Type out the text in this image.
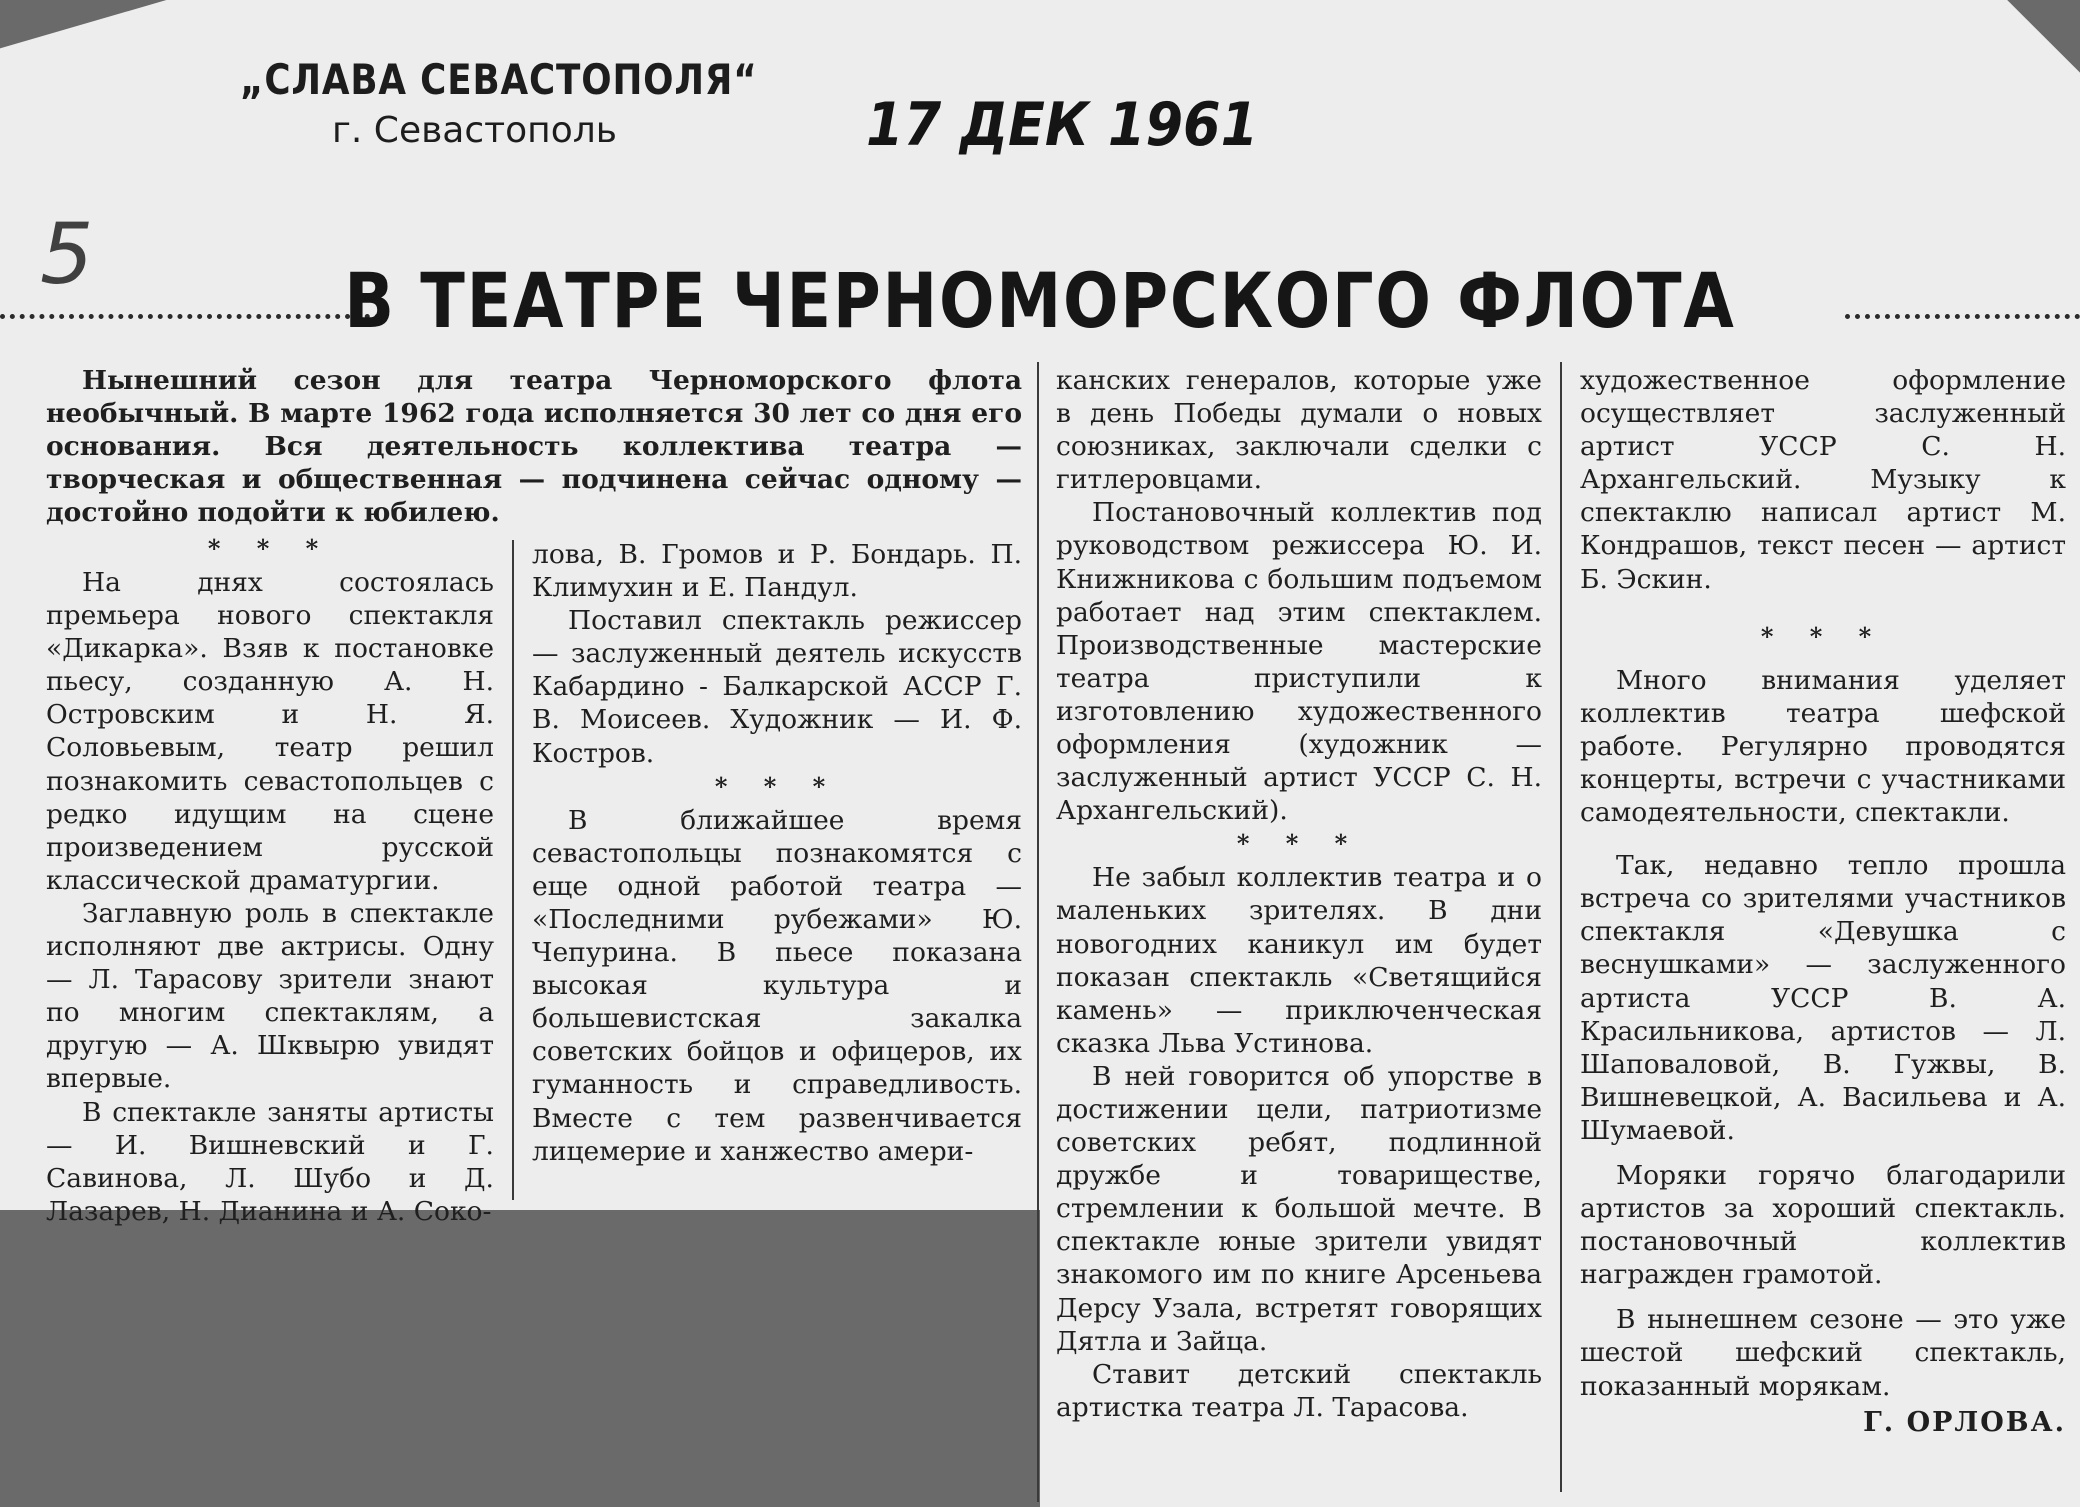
„СЛАВА СЕВАСТОПОЛЯ“
г. Севастополь	17 ДЕК 1961
5	В ТЕАТРЕ ЧЕРНОМОРСКОГО ФЛОТА

Нынешний сезон для театра Черноморского флота необычный. В марте 1962 года исполняется 30 лет со дня его основания. Вся деятельность коллектива театра — творческая и общественная — подчинена сейчас одному — достойно подойти к юбилею.

* * *

На днях состоялась премьера нового спектакля «Дикарка». Взяв к постановке пьесу, созданную А. Н. Островским и Н. Я. Соловьевым, театр решил познакомить севастопольцев с редко идущим на сцене произведением русской классической драматургии.

Заглавную роль в спектакле исполняют две актрисы. Одну — Л. Тарасову зрители знают по многим спектаклям, а другую — А. Шквырю увидят впервые.

В спектакле заняты артисты — И. Вишневский и Г. Савинова, Л. Шубо и Д. Лазарев, Н. Дианина и А. Соко-

лова, В. Громов и Р. Бондарь. П. Климухин и Е. Пандул.

Поставил спектакль режиссер — заслуженный деятель искусств Кабардино - Балкарской АССР Г. В. Моисеев. Художник — И. Ф. Костров.

* * *

В ближайшее время севастопольцы познакомятся с еще одной работой театра — «Последними рубежами» Ю. Чепурина. В пьесе показана высокая культура и большевистская закалка советских бойцов и офицеров, их гуманность и справедливость. Вместе с тем развенчивается лицемерие и ханжество амери-

канских генералов, которые уже в день Победы думали о новых союзниках, заключали сделки с гитлеровцами.

Постановочный коллектив под руководством режиссера Ю. И. Книжникова с большим подъемом работает над этим спектаклем. Производственные мастерские театра приступили к изготовлению художественного оформления (художник — заслуженный артист УССР С. Н. Архангельский).

* * *

Не забыл коллектив театра и о маленьких зрителях. В дни новогодних каникул им будет показан спектакль «Светящийся камень» — приключенческая сказка Льва Устинова.

В ней говорится об упорстве в достижении цели, патриотизме советских ребят, подлинной дружбе и товариществе, стремлении к большой мечте. В спектакле юные зрители увидят знакомого им по книге Арсеньева Дерсу Узала, встретят говорящих Дятла и Зайца.

Ставит детский спектакль артистка театра Л. Тарасова.

художественное оформление осуществляет заслуженный артист УССР С. Н. Архангельский. Музыку к спектаклю написал артист М. Кондрашов, текст песен — артист Б. Эскин.

* * *

Много внимания уделяет коллектив театра шефской работе. Регулярно проводятся концерты, встречи с участниками самодеятельности, спектакли.

Так, недавно тепло прошла встреча со зрителями участников спектакля «Девушка с веснушками» — заслуженного артиста УССР В. А. Красильникова, артистов — Л. Шаповаловой, В. Гужвы, В. Вишневецкой, А. Васильева и А. Шумаевой.

Моряки горячо благодарили артистов за хороший спектакль. постановочный коллектив награжден грамотой.

В нынешнем сезоне — это уже шестой шефский спектакль, показанный морякам.

Г. ОРЛОВА.
